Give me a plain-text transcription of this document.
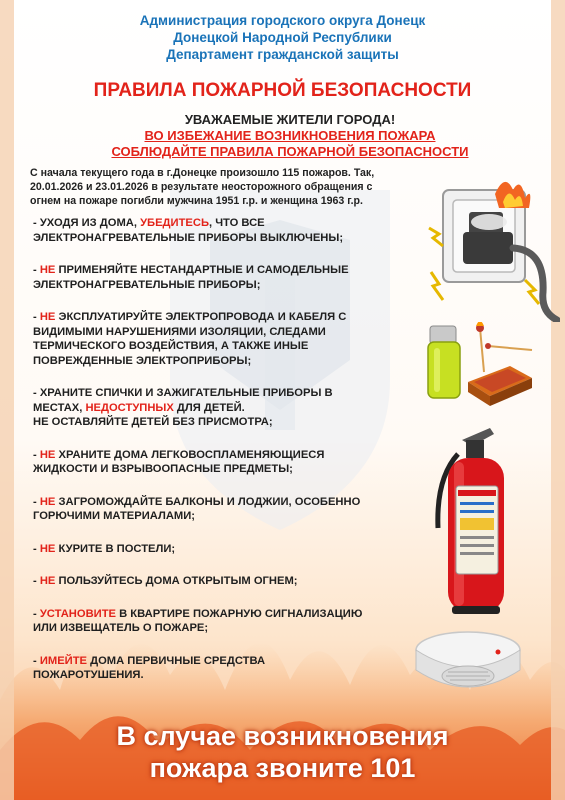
Администрация городского округа Донецк
Донецкой Народной Республики
Департамент гражданской защиты
ПРАВИЛА ПОЖАРНОЙ БЕЗОПАСНОСТИ
УВАЖАЕМЫЕ ЖИТЕЛИ ГОРОДА!
ВО ИЗБЕЖАНИЕ ВОЗНИКНОВЕНИЯ ПОЖАРА
СОБЛЮДАЙТЕ ПРАВИЛА ПОЖАРНОЙ БЕЗОПАСНОСТИ
С начала текущего года в г.Донецке произошло 115 пожаров. Так,
20.01.2026 и 23.01.2026 в результате неосторожного обращения с
огнем на пожаре погибли мужчина 1951 г.р. и женщина 1963 г.р.
- УХОДЯ ИЗ ДОМА, УБЕДИТЕСЬ, ЧТО ВСЕ
ЭЛЕКТРОНАГРЕВАТЕЛЬНЫЕ ПРИБОРЫ ВЫКЛЮЧЕНЫ;
- НЕ ПРИМЕНЯЙТЕ НЕСТАНДАРТНЫЕ И САМОДЕЛЬНЫЕ
ЭЛЕКТРОНАГРЕВАТЕЛЬНЫЕ ПРИБОРЫ;
- НЕ ЭКСПЛУАТИРУЙТЕ ЭЛЕКТРОПРОВОДА И КАБЕЛЯ С
ВИДИМЫМИ НАРУШЕНИЯМИ ИЗОЛЯЦИИ, СЛЕДАМИ
ТЕРМИЧЕСКОГО ВОЗДЕЙСТВИЯ, А ТАКЖЕ ИНЫЕ
ПОВРЕЖДЕННЫЕ ЭЛЕКТРОПРИБОРЫ;
- ХРАНИТЕ СПИЧКИ И ЗАЖИГАТЕЛЬНЫЕ ПРИБОРЫ В
МЕСТАХ, НЕДОСТУПНЫХ ДЛЯ ДЕТЕЙ.
НЕ ОСТАВЛЯЙТЕ ДЕТЕЙ БЕЗ ПРИСМОТРА;
- НЕ ХРАНИТЕ ДОМА ЛЕГКОВОСПЛАМЕНЯЮЩИЕСЯ
ЖИДКОСТИ И ВЗРЫВООПАСНЫЕ ПРЕДМЕТЫ;
- НЕ ЗАГРОМОЖДАЙТЕ БАЛКОНЫ И ЛОДЖИИ, ОСОБЕННО
ГОРЮЧИМИ МАТЕРИАЛАМИ;
- НЕ КУРИТЕ В ПОСТЕЛИ;
- НЕ ПОЛЬЗУЙТЕСЬ ДОМА ОТКРЫТЫМ ОГНЕМ;
- УСТАНОВИТЕ В КВАРТИРЕ ПОЖАРНУЮ СИГНАЛИЗАЦИЮ
ИЛИ ИЗВЕЩАТЕЛЬ О ПОЖАРЕ;
- ИМЕЙТЕ ДОМА ПЕРВИЧНЫЕ СРЕДСТВА
ПОЖАРОТУШЕНИЯ.
В случае возникновения
пожара звоните 101
